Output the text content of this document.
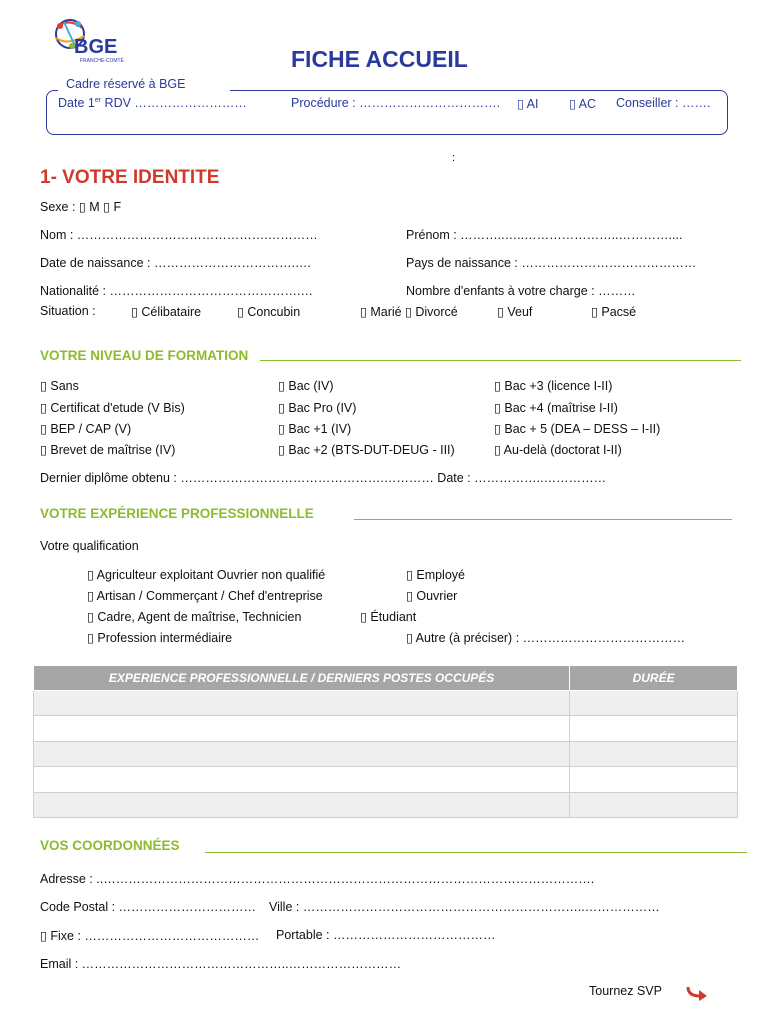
BGE
FRANCHE-COMTÉ	FICHE ACCUEIL
Cadre réservé à BGE
Date 1er RDV ………………………	Procédure : ……………………………. ▯ AI ▯ AC Conseiller : …….
:
1- VOTRE IDENTITE
Sexe : ▯ M ▯ F
Nom : ……………………………………….…………	Prénom : ………..…..…………………..…………....
Date de naissance : …………………………….….	Pays de naissance : ……………………………………
Nationalité : ……………………………………….…	Nombre d'enfants à votre charge : ………
Situation :	▯ Célibataire	▯ Concubin	▯ Marié ▯ Divorcé	▯ Veuf	▯ Pacsé
VOTRE NIVEAU DE FORMATION
▯ Sans
▯ Certificat d'etude (V Bis)
▯ BEP / CAP (V)
▯ Brevet de maîtrise (IV)
▯ Bac (IV)
▯ Bac Pro (IV)
▯ Bac +1 (IV)
▯ Bac +2 (BTS-DUT-DEUG - III)
▯ Bac +3 (licence I-II)
▯ Bac +4 (maîtrise I-II)
▯ Bac + 5 (DEA – DESS – I-II)
▯ Au-delà (doctorat I-II)
Dernier diplôme obtenu : ………………………………………….………… Date : ……………..……………
VOTRE EXPÉRIENCE PROFESSIONNELLE
Votre qualification
▯ Agriculteur exploitant Ouvrier non qualifié
▯ Artisan / Commerçant / Chef d'entreprise
▯ Cadre, Agent de maîtrise, Technicien
▯ Profession intermédiaire
▯ Employé
▯ Ouvrier
▯ Étudiant
▯ Autre (à préciser) : …………………………………
EXPERIENCE PROFESSIONNELLE / DERNIERS POSTES OCCUPÉS	DURÉE

VOS COORDONNÉES
Adresse : ..……………………………………………………………………………………………………….
Code Postal : …………………………… Ville : …………………………………………………………..………………
▯ Fixe : …………………………………… Portable : …………………………………
Email : …………………………………………..………………………
Tournez SVP
